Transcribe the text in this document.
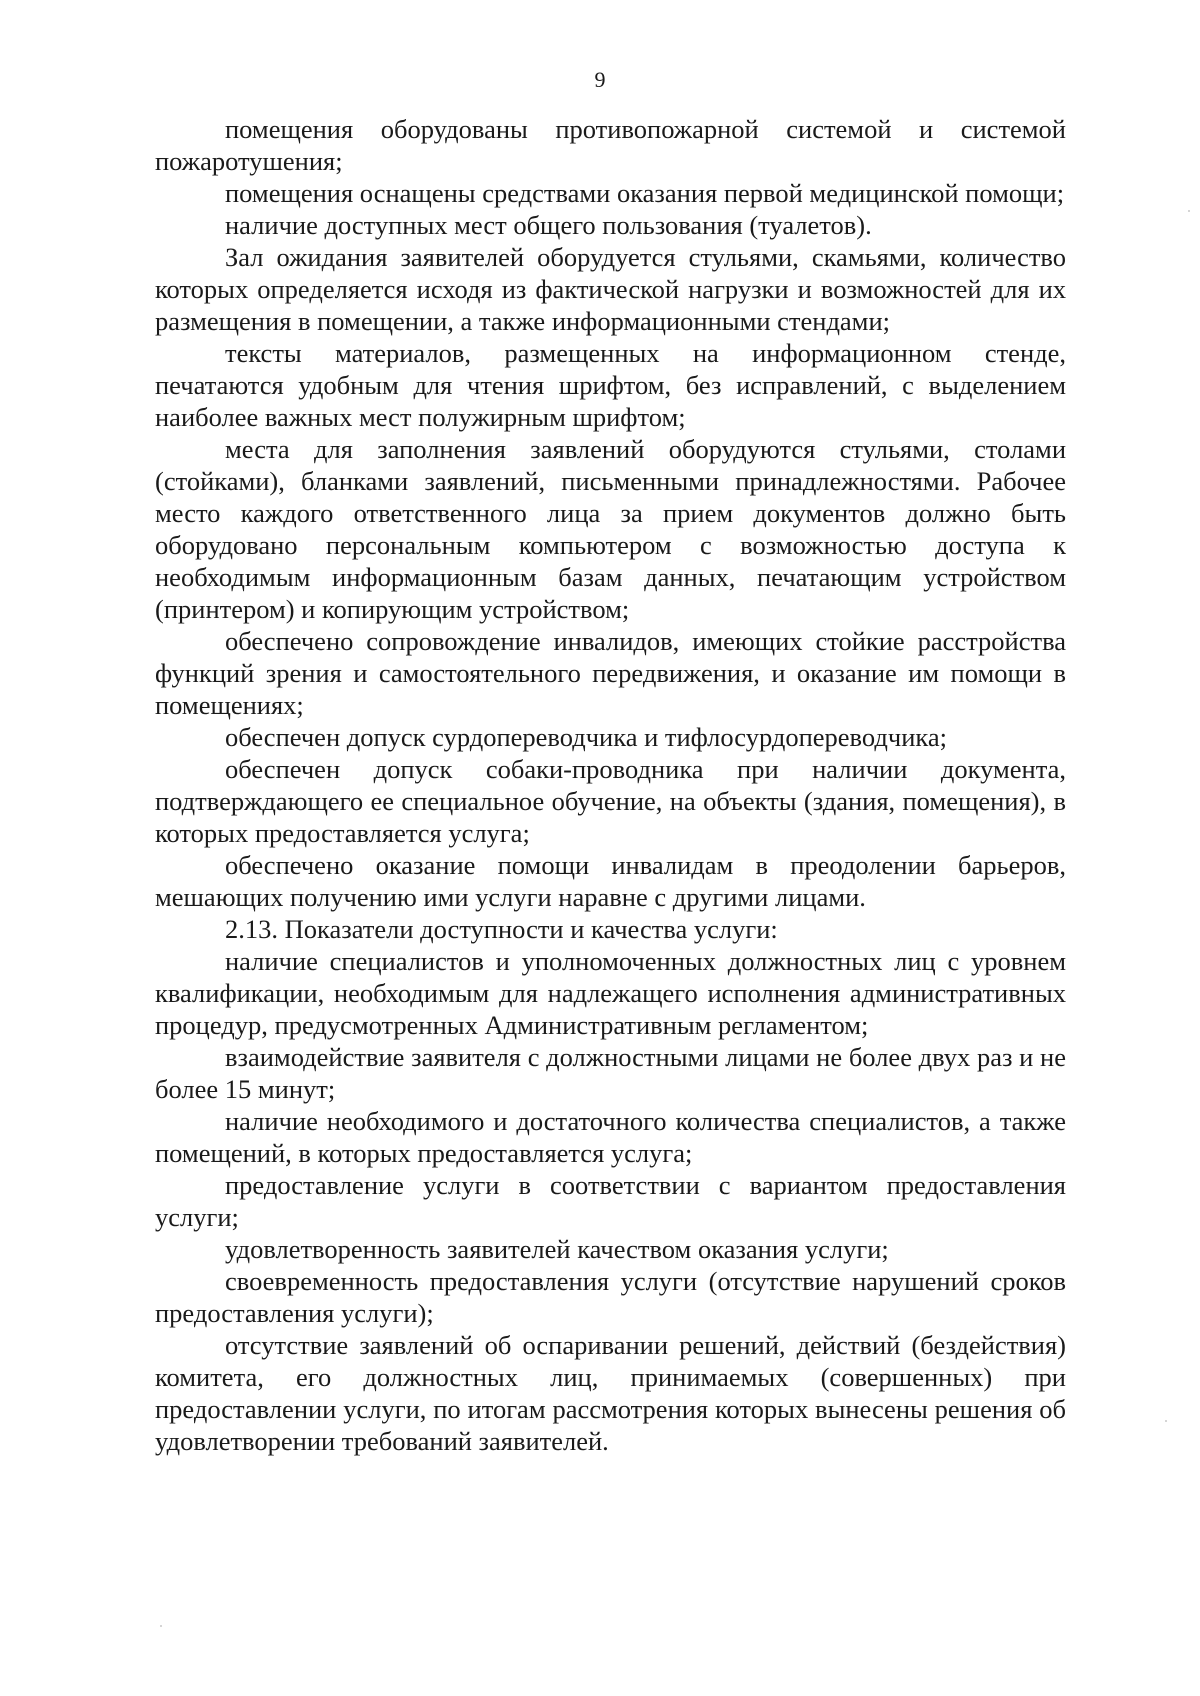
9

помещения оборудованы противопожарной системой и системой пожаротушения;

помещения оснащены средствами оказания первой медицинской помощи;

наличие доступных мест общего пользования (туалетов).

Зал ожидания заявителей оборудуется стульями, скамьями, количество которых определяется исходя из фактической нагрузки и возможностей для их размещения в помещении, а также информационными стендами;

тексты материалов, размещенных на информационном стенде, печатаются удобным для чтения шрифтом, без исправлений, с выделением наиболее важных мест полужирным шрифтом;

места для заполнения заявлений оборудуются стульями, столами (стойками), бланками заявлений, письменными принадлежностями. Рабочее место каждого ответственного лица за прием документов должно быть оборудовано персональным компьютером с возможностью доступа к необходимым информационным базам данных, печатающим устройством (принтером) и копирующим устройством;

обеспечено сопровождение инвалидов, имеющих стойкие расстройства функций зрения и самостоятельного передвижения, и оказание им помощи в помещениях;

обеспечен допуск сурдопереводчика и тифлосурдопереводчика;

обеспечен допуск собаки-проводника при наличии документа, подтверждающего ее специальное обучение, на объекты (здания, помещения), в которых предоставляется услуга;

обеспечено оказание помощи инвалидам в преодолении барьеров, мешающих получению ими услуги наравне с другими лицами.

2.13. Показатели доступности и качества услуги:

наличие специалистов и уполномоченных должностных лиц с уровнем квалификации, необходимым для надлежащего исполнения административных процедур, предусмотренных Административным регламентом;

взаимодействие заявителя с должностными лицами не более двух раз и не более 15 минут;

наличие необходимого и достаточного количества специалистов, а также помещений, в которых предоставляется услуга;

предоставление услуги в соответствии с вариантом предоставления услуги;

удовлетворенность заявителей качеством оказания услуги;

своевременность предоставления услуги (отсутствие нарушений сроков предоставления услуги);

отсутствие заявлений об оспаривании решений, действий (бездействия) комитета, его должностных лиц, принимаемых (совершенных) при предоставлении услуги, по итогам рассмотрения которых вынесены решения об удовлетворении требований заявителей.
